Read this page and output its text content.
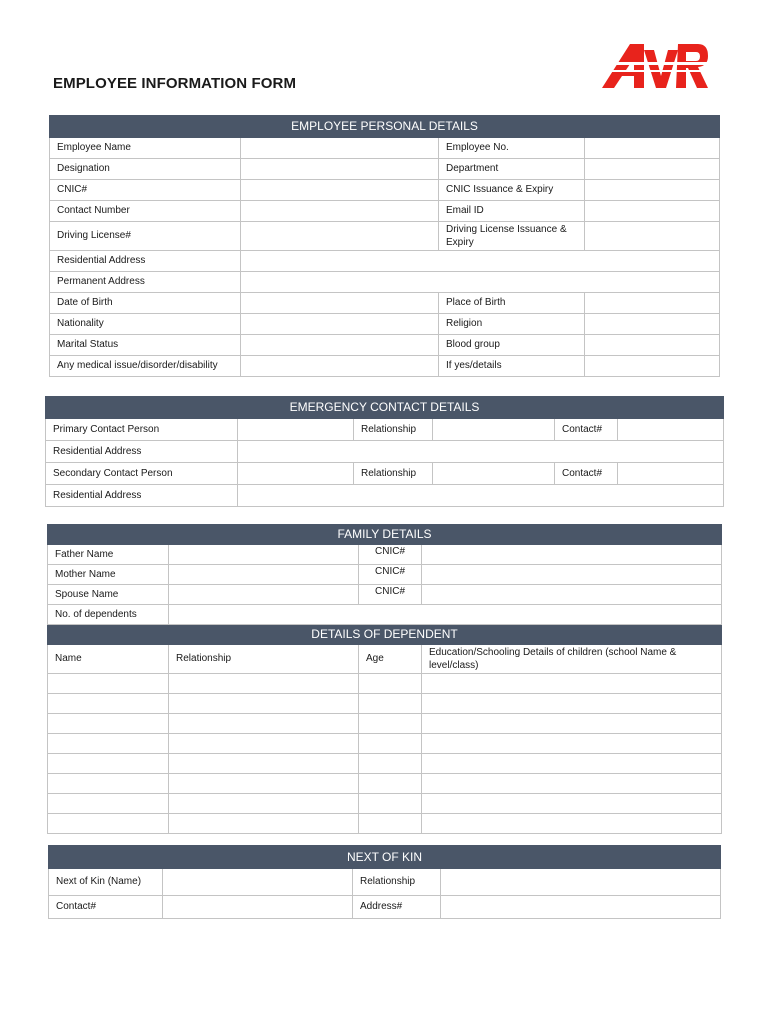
EMPLOYEE INFORMATION FORM
EMPLOYEE PERSONAL DETAILS			
Employee Name		Employee No.	
Designation		Department	
CNIC#		CNIC Issuance & Expiry	
Contact Number		Email ID	
Driving License#		Driving License Issuance & Expiry	
Residential Address			
Permanent Address			
Date of Birth		Place of Birth	
Nationality		Religion	
Marital Status		Blood group	
Any medical issue/disorder/disability		If yes/details	
EMERGENCY CONTACT DETAILS					
Primary Contact Person		Relationship		Contact#	
Residential Address					
Secondary Contact Person		Relationship		Contact#	
Residential Address					
FAMILY DETAILS			
Father Name		CNIC#	
Mother Name		CNIC#	
Spouse Name		CNIC#	
No. of dependents			
DETAILS OF DEPENDENT			
Name	Relationship	Age	Education/Schooling Details of children (school Name & level/class)

NEXT OF KIN			
Next of Kin (Name)		Relationship	
Contact#		Address#	
